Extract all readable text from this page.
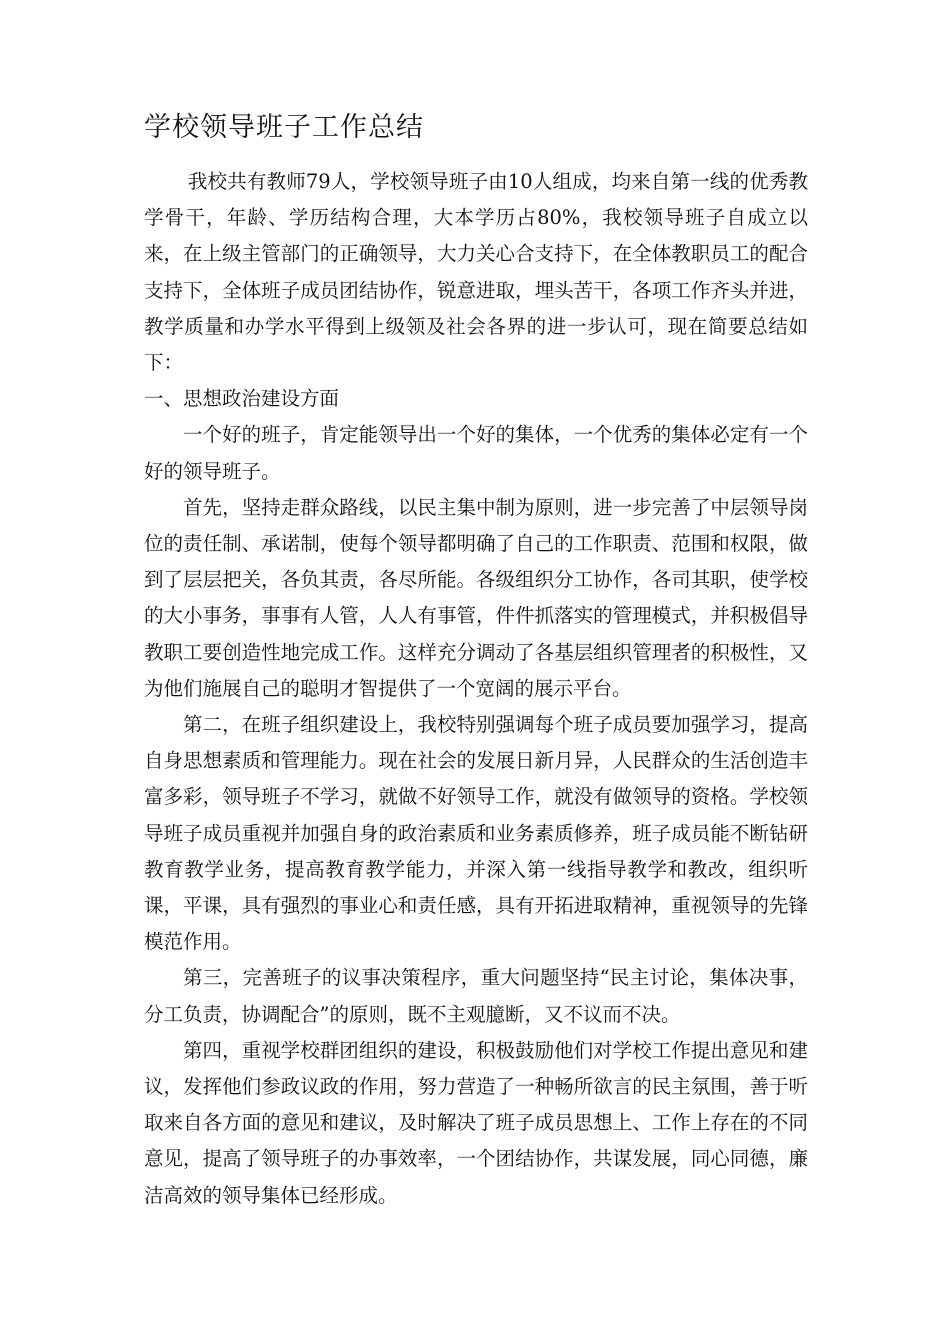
学校领导班子工作总结

我校共有教师79人，学校领导班子由10人组成，均来自第一线的优秀教学骨干，年龄、学历结构合理，大本学历占80%，我校领导班子自成立以来，在上级主管部门的正确领导，大力关心合支持下，在全体教职员工的配合支持下，全体班子成员团结协作，锐意进取，埋头苦干，各项工作齐头并进，教学质量和办学水平得到上级领及社会各界的进一步认可，现在简要总结如下：

一、思想政治建设方面

一个好的班子，肯定能领导出一个好的集体，一个优秀的集体必定有一个好的领导班子。

首先，坚持走群众路线，以民主集中制为原则，进一步完善了中层领导岗位的责任制、承诺制，使每个领导都明确了自己的工作职责、范围和权限，做到了层层把关，各负其责，各尽所能。各级组织分工协作，各司其职，使学校的大小事务，事事有人管，人人有事管，件件抓落实的管理模式，并积极倡导教职工要创造性地完成工作。这样充分调动了各基层组织管理者的积极性，又为他们施展自己的聪明才智提供了一个宽阔的展示平台。

第二，在班子组织建设上，我校特别强调每个班子成员要加强学习，提高自身思想素质和管理能力。现在社会的发展日新月异，人民群众的生活创造丰富多彩，领导班子不学习，就做不好领导工作，就没有做领导的资格。学校领导班子成员重视并加强自身的政治素质和业务素质修养，班子成员能不断钻研教育教学业务，提高教育教学能力，并深入第一线指导教学和教改，组织听课，平课，具有强烈的事业心和责任感，具有开拓进取精神，重视领导的先锋模范作用。

第三，完善班子的议事决策程序，重大问题坚持“民主讨论，集体决事，分工负责，协调配合”的原则，既不主观臆断，又不议而不决。

第四，重视学校群团组织的建设，积极鼓励他们对学校工作提出意见和建议，发挥他们参政议政的作用，努力营造了一种畅所欲言的民主氛围，善于听取来自各方面的意见和建议，及时解决了班子成员思想上、工作上存在的不同意见，提高了领导班子的办事效率，一个团结协作，共谋发展，同心同德，廉洁高效的领导集体已经形成。
